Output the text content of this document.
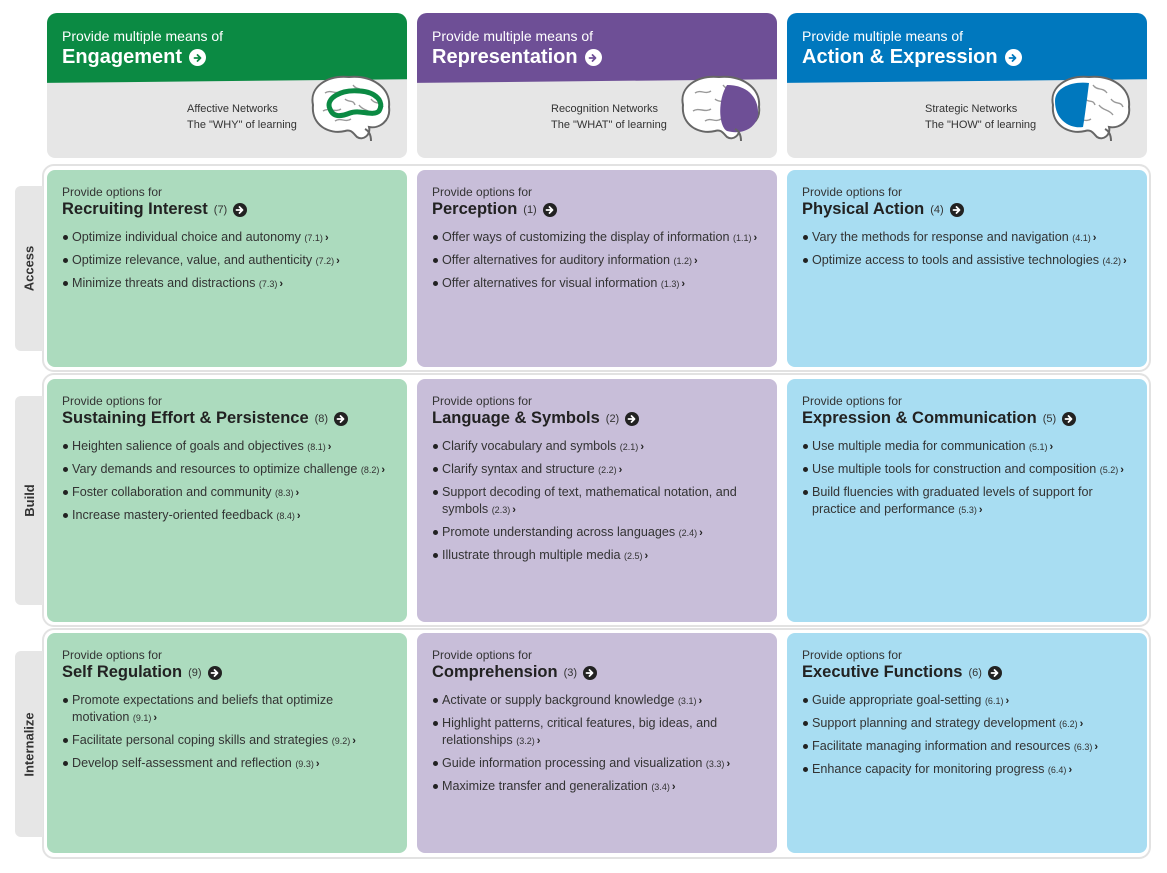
Provide multiple means of
Engagement
Affective Networks
The "WHY" of learning
Provide multiple means of
Representation
Recognition Networks
The "WHAT" of learning
Provide multiple means of
Action & Expression
Strategic Networks
The "HOW" of learning
Access
Build
Internalize
Provide options for
Recruiting Interest (7)
Optimize individual choice and autonomy (7.1) ›
Optimize relevance, value, and authenticity (7.2) ›
Minimize threats and distractions (7.3) ›
Provide options for
Perception (1)
Offer ways of customizing the display of information (1.1) ›
Offer alternatives for auditory information (1.2) ›
Offer alternatives for visual information (1.3) ›
Provide options for
Physical Action (4)
Vary the methods for response and navigation (4.1) ›
Optimize access to tools and assistive technologies (4.2) ›
Provide options for
Sustaining Effort & Persistence (8)
Heighten salience of goals and objectives (8.1) ›
Vary demands and resources to optimize challenge (8.2) ›
Foster collaboration and community (8.3) ›
Increase mastery-oriented feedback (8.4) ›
Provide options for
Language & Symbols (2)
Clarify vocabulary and symbols (2.1) ›
Clarify syntax and structure (2.2) ›
Support decoding of text, mathematical notation, and symbols (2.3) ›
Promote understanding across languages (2.4) ›
Illustrate through multiple media (2.5) ›
Provide options for
Expression & Communication (5)
Use multiple media for communication (5.1) ›
Use multiple tools for construction and composition (5.2) ›
Build fluencies with graduated levels of support for practice and performance (5.3) ›
Provide options for
Self Regulation (9)
Promote expectations and beliefs that optimize motivation (9.1) ›
Facilitate personal coping skills and strategies (9.2) ›
Develop self-assessment and reflection (9.3) ›
Provide options for
Comprehension (3)
Activate or supply background knowledge (3.1) ›
Highlight patterns, critical features, big ideas, and relationships (3.2) ›
Guide information processing and visualization (3.3) ›
Maximize transfer and generalization (3.4) ›
Provide options for
Executive Functions (6)
Guide appropriate goal-setting (6.1) ›
Support planning and strategy development (6.2) ›
Facilitate managing information and resources (6.3) ›
Enhance capacity for monitoring progress (6.4) ›
